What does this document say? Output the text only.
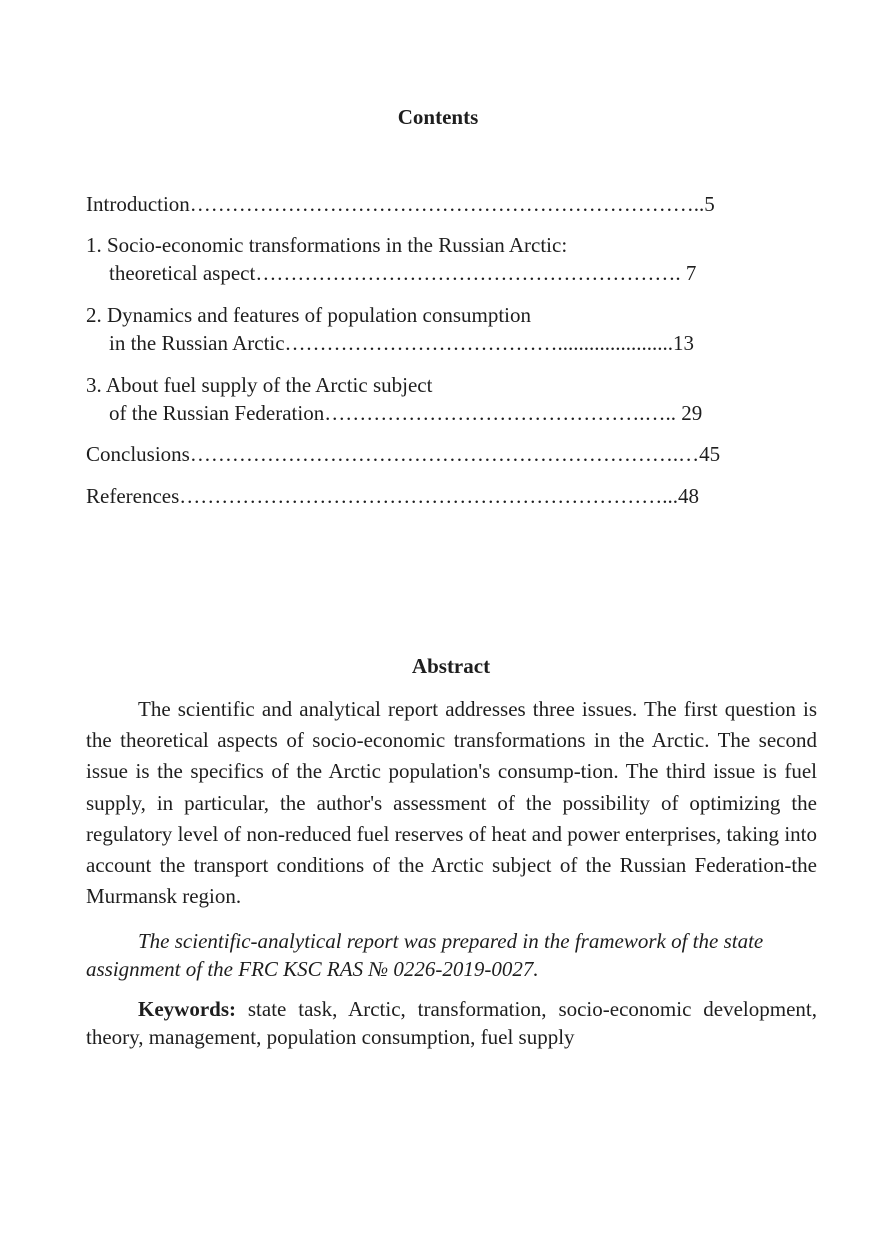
Contents
Introduction………………………………………………………………..5
1. Socio-economic transformations in the Russian Arctic:
theoretical aspect……………………………………………………. 7
2. Dynamics and features of population consumption
in the Russian Arctic…………………………………......................13
3. About fuel supply of the Arctic subject
of the Russian Federation……………………………………….….. 29
Conclusions…………………………………………………………….…45
References……………………………………………………………...48
Abstract

The scientific and analytical report addresses three issues. The first question is the theoretical aspects of socio-economic transformations in the Arctic. The second issue is the specifics of the Arctic population's consump-tion. The third issue is fuel supply, in particular, the author's assessment of the possibility of optimizing the regulatory level of non-reduced fuel reserves of heat and power enterprises, taking into account the transport conditions of the Arctic subject of the Russian Federation-the Murmansk region.

The scientific-analytical report was prepared in the framework of the state assignment of the FRC KSC RAS № 0226-2019-0027.

Keywords: state task, Arctic, transformation, socio-economic development, theory, management, population consumption, fuel supply
